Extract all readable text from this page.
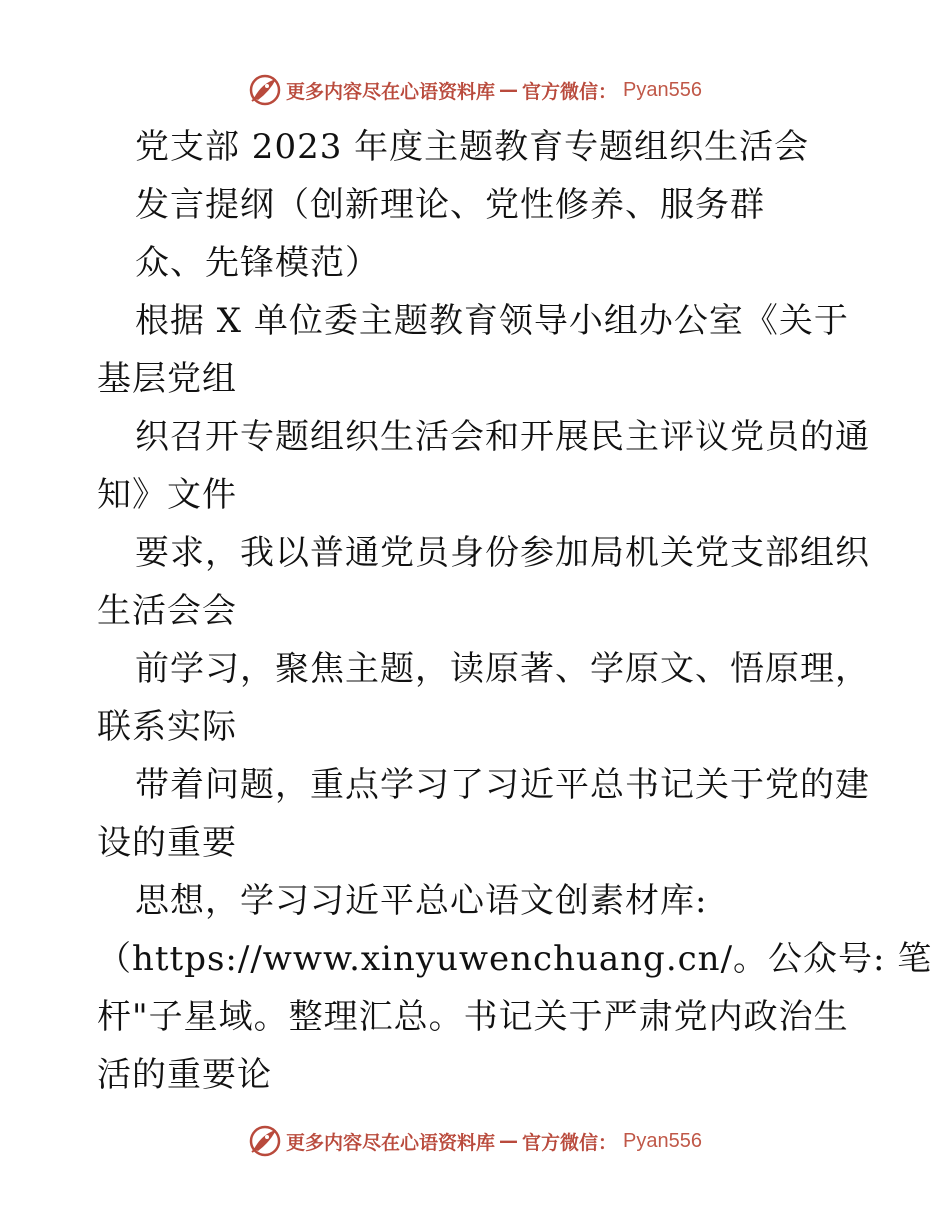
更多内容尽在心语资料库 — 官方微信： Pyan556
党支部 2023 年度主题教育专题组织生活会
发言提纲（创新理论、党性修养、服务群
众、先锋模范）
根据 X 单位委主题教育领导小组办公室《关于
基层党组
织召开专题组织生活会和开展民主评议党员的通
知》文件
要求，我以普通党员身份参加局机关党支部组织
生活会会
前学习，聚焦主题，读原著、学原文、悟原理，
联系实际
带着问题，重点学习了习近平总书记关于党的建
设的重要
思想，学习习近平总心语文创素材库:
（https://www.xinyuwenchuang.cn/。公众号: 笔
杆"子星域。整理汇总。书记关于严肃党内政治生
活的重要论
更多内容尽在心语资料库 — 官方微信： Pyan556
